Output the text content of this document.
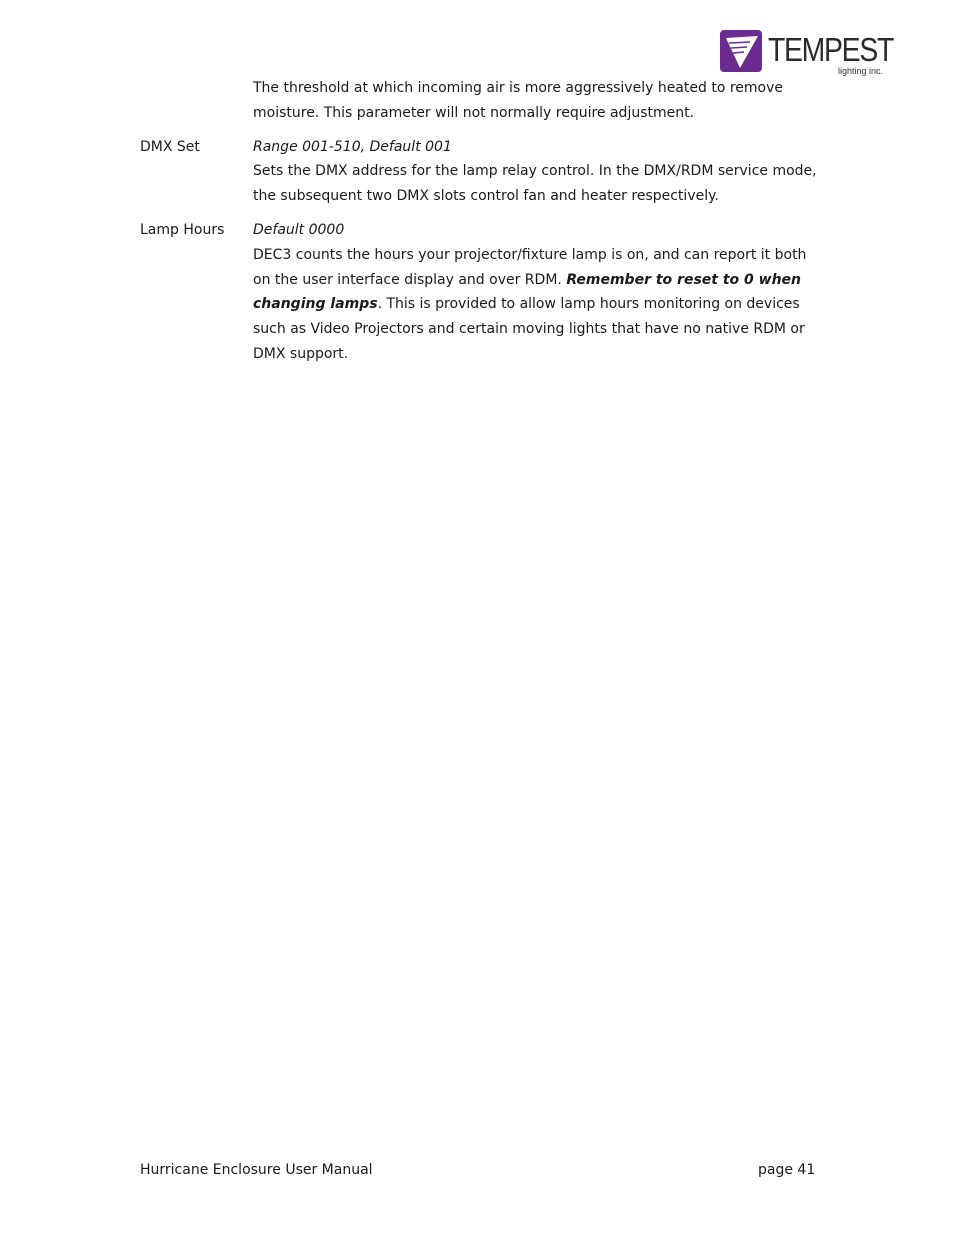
TEMPEST
lighting inc.
The threshold at which incoming air is more aggressively heated to remove moisture. This parameter will not normally require adjustment.
DMX Set	Range 001-510, Default 001
Sets the DMX address for the lamp relay control. In the DMX/RDM service mode, the subsequent two DMX slots control fan and heater respectively.
Lamp Hours	Default 0000
DEC3 counts the hours your projector/fixture lamp is on, and can report it both on the user interface display and over RDM. Remember to reset to 0 when changing lamps. This is provided to allow lamp hours monitoring on devices such as Video Projectors and certain moving lights that have no native RDM or DMX support.
Hurricane Enclosure User Manual	page 41
